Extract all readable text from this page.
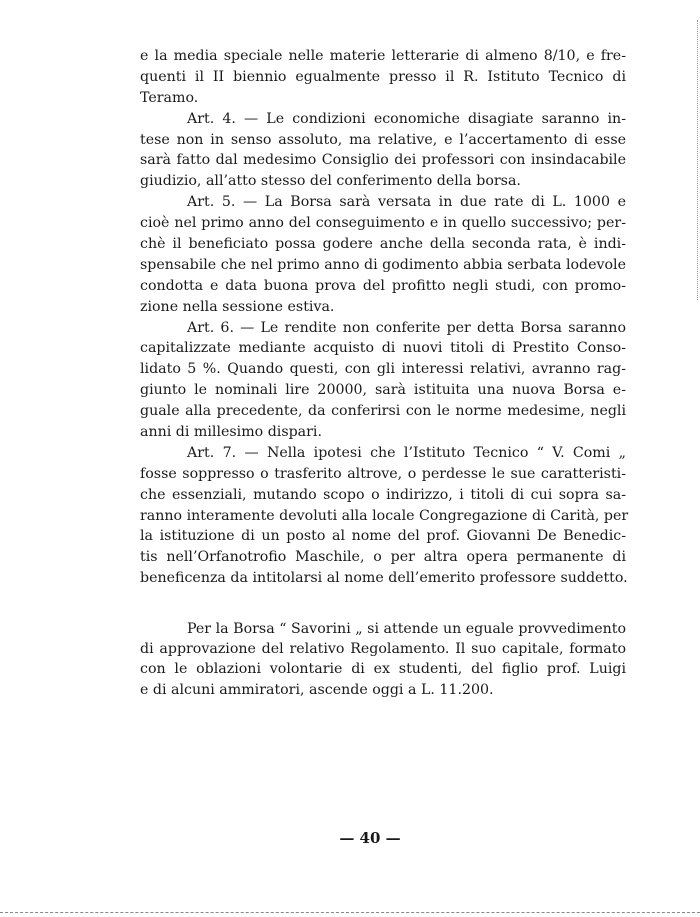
e la media speciale nelle materie letterarie di almeno 8/10, e fre-
quenti il II biennio egualmente presso il R. Istituto Tecnico di
Teramo.
Art. 4. — Le condizioni economiche disagiate saranno in-
tese non in senso assoluto, ma relative, e l’accertamento di esse
sarà fatto dal medesimo Consiglio dei professori con insindacabile
giudizio, all’atto stesso del conferimento della borsa.
Art. 5. — La Borsa sarà versata in due rate di L. 1000 e
cioè nel primo anno del conseguimento e in quello successivo; per-
chè il beneficiato possa godere anche della seconda rata, è indi-
spensabile che nel primo anno di godimento abbia serbata lodevole
condotta e data buona prova del profitto negli studi, con promo-
zione nella sessione estiva.
Art. 6. — Le rendite non conferite per detta Borsa saranno
capitalizzate mediante acquisto di nuovi titoli di Prestito Conso-
lidato 5 %. Quando questi, con gli interessi relativi, avranno rag-
giunto le nominali lire 20000, sarà istituita una nuova Borsa e-
guale alla precedente, da conferirsi con le norme medesime, negli
anni di millesimo dispari.
Art. 7. — Nella ipotesi che l’Istituto Tecnico “ V. Comi „
fosse soppresso o trasferito altrove, o perdesse le sue caratteristi-
che essenziali, mutando scopo o indirizzo, i titoli di cui sopra sa-
ranno interamente devoluti alla locale Congregazione di Carità, per
la istituzione di un posto al nome del prof. Giovanni De Benedic-
tis nell’Orfanotrofio Maschile, o per altra opera permanente di
beneficenza da intitolarsi al nome dell’emerito professore suddetto.
Per la Borsa “ Savorini „ si attende un eguale provvedimento
di approvazione del relativo Regolamento. Il suo capitale, formato
con le oblazioni volontarie di ex studenti, del figlio prof. Luigi
e di alcuni ammiratori, ascende oggi a L. 11.200.
— 40 —
